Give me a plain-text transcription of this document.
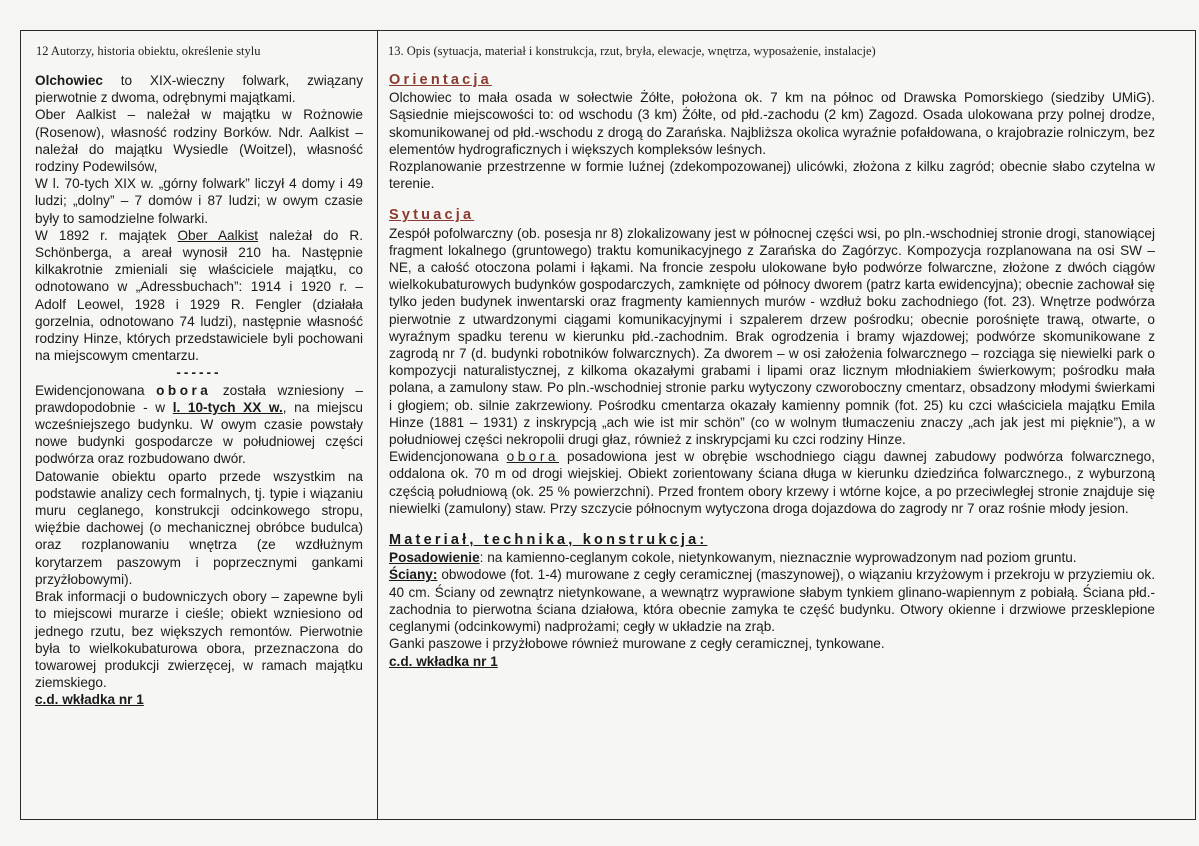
12 Autorzy, historia obiektu, określenie stylu	13. Opis (sytuacja, materiał i konstrukcja, rzut, bryła, elewacje, wnętrza, wyposażenie, instalacje)

Olchowiec to XIX-wieczny folwark, związany pierwotnie z dwoma, odrębnymi majątkami.

Ober Aalkist – należał w majątku w Rożnowie (Rosenow), własność rodziny Borków. Ndr. Aalkist – należał do majątku Wysiedle (Woitzel), własność rodziny Podewilsów,

W l. 70-tych XIX w. „górny folwark” liczył 4 domy i 49 ludzi; „dolny” – 7 domów i 87 ludzi; w owym czasie były to samodzielne folwarki.

W 1892 r. majątek Ober Aalkist należał do R. Schönberga, a areał wynosił 210 ha. Następnie kilkakrotnie zmieniali się właściciele majątku, co odnotowano w „Adressbuchach”: 1914 i 1920 r. – Adolf Leowel, 1928 i 1929 R. Fengler (działała gorzelnia, odnotowano 74 ludzi), następnie własność rodziny Hinze, których przedstawiciele byli pochowani na miejscowym cmentarzu.

------

Ewidencjonowana obora została wzniesiony – prawdopodobnie - w l. 10-tych XX w., na miejscu wcześniejszego budynku. W owym czasie powstały nowe budynki gospodarcze w południowej części podwórza oraz rozbudowano dwór.

Datowanie obiektu oparto przede wszystkim na podstawie analizy cech formalnych, tj. typie i wiązaniu muru ceglanego, konstrukcji odcinkowego stropu, więźbie dachowej (o mechanicznej obróbce budulca) oraz rozplanowaniu wnętrza (ze wzdłużnym korytarzem paszowym i poprzecznymi gankami przyżłobowymi).

Brak informacji o budowniczych obory – zapewne byli to miejscowi murarze i cieśle; obiekt wzniesiono od jednego rzutu, bez większych remontów. Pierwotnie była to wielkokubaturowa obora, przeznaczona do towarowej produkcji zwierzęcej, w ramach majątku ziemskiego.

c.d. wkładka nr 1

Orientacja

Olchowiec to mała osada w sołectwie Żółte, położona ok. 7 km na północ od Drawska Pomorskiego (siedziby UMiG). Sąsiednie miejscowości to: od wschodu (3 km) Żółte, od płd.-zachodu (2 km) Zagozd. Osada ulokowana przy polnej drodze, skomunikowanej od płd.-wschodu z drogą do Zarańska. Najbliższa okolica wyraźnie pofałdowana, o krajobrazie rolniczym, bez elementów hydrograficznych i większych kompleksów leśnych.

Rozplanowanie przestrzenne w formie luźnej (zdekompozowanej) ulicówki, złożona z kilku zagród; obecnie słabo czytelna w terenie.

Sytuacja

Zespół pofolwarczny (ob. posesja nr 8) zlokalizowany jest w północnej części wsi, po pln.-wschodniej stronie drogi, stanowiącej fragment lokalnego (gruntowego) traktu komunikacyjnego z Zarańska do Zagórzyc. Kompozycja rozplanowana na osi SW – NE, a całość otoczona polami i łąkami. Na froncie zespołu ulokowane było podwórze folwarczne, złożone z dwóch ciągów wielkokubaturowych budynków gospodarczych, zamknięte od północy dworem (patrz karta ewidencyjna); obecnie zachował się tylko jeden budynek inwentarski oraz fragmenty kamiennych murów - wzdłuż boku zachodniego (fot. 23). Wnętrze podwórza pierwotnie z utwardzonymi ciągami komunikacyjnymi i szpalerem drzew pośrodku; obecnie porośnięte trawą, otwarte, o wyraźnym spadku terenu w kierunku płd.-zachodnim. Brak ogrodzenia i bramy wjazdowej; podwórze skomunikowane z zagrodą nr 7 (d. budynki robotników folwarcznych). Za dworem – w osi założenia folwarcznego – rozciąga się niewielki park o kompozycji naturalistycznej, z kilkoma okazałymi grabami i lipami oraz licznym młodniakiem świerkowym; pośrodku mała polana, a zamulony staw. Po pln.-wschodniej stronie parku wytyczony czworoboczny cmentarz, obsadzony młodymi świerkami i głogiem; ob. silnie zakrzewiony. Pośrodku cmentarza okazały kamienny pomnik (fot. 25) ku czci właściciela majątku Emila Hinze (1881 – 1931) z inskrypcją „ach wie ist mir schön” (co w wolnym tłumaczeniu znaczy „ach jak jest mi pięknie”), a w południowej części nekropolii drugi głaz, również z inskrypcjami ku czci rodziny Hinze.

Ewidencjonowana obora posadowiona jest w obrębie wschodniego ciągu dawnej zabudowy podwórza folwarcznego, oddalona ok. 70 m od drogi wiejskiej. Obiekt zorientowany ściana długa w kierunku dziedzińca folwarcznego., z wyburzoną częścią południową (ok. 25 % powierzchni). Przed frontem obory krzewy i wtórne kojce, a po przeciwległej stronie znajduje się niewielki (zamulony) staw. Przy szczycie północnym wytyczona droga dojazdowa do zagrody nr 7 oraz rośnie młody jesion.

Materiał, technika, konstrukcja:

Posadowienie: na kamienno-ceglanym cokole, nietynkowanym, nieznacznie wyprowadzonym nad poziom gruntu.

Ściany: obwodowe (fot. 1-4) murowane z cegły ceramicznej (maszynowej), o wiązaniu krzyżowym i przekroju w przyziemiu ok. 40 cm. Ściany od zewnątrz nietynkowane, a wewnątrz wyprawione słabym tynkiem glinano-wapiennym z pobiałą. Ściana płd.-zachodnia to pierwotna ściana działowa, która obecnie zamyka te część budynku. Otwory okienne i drzwiowe przesklepione ceglanymi (odcinkowymi) nadprożami; cegły w układzie na zrąb.

Ganki paszowe i przyżłobowe również murowane z cegły ceramicznej, tynkowane.

c.d. wkładka nr 1
